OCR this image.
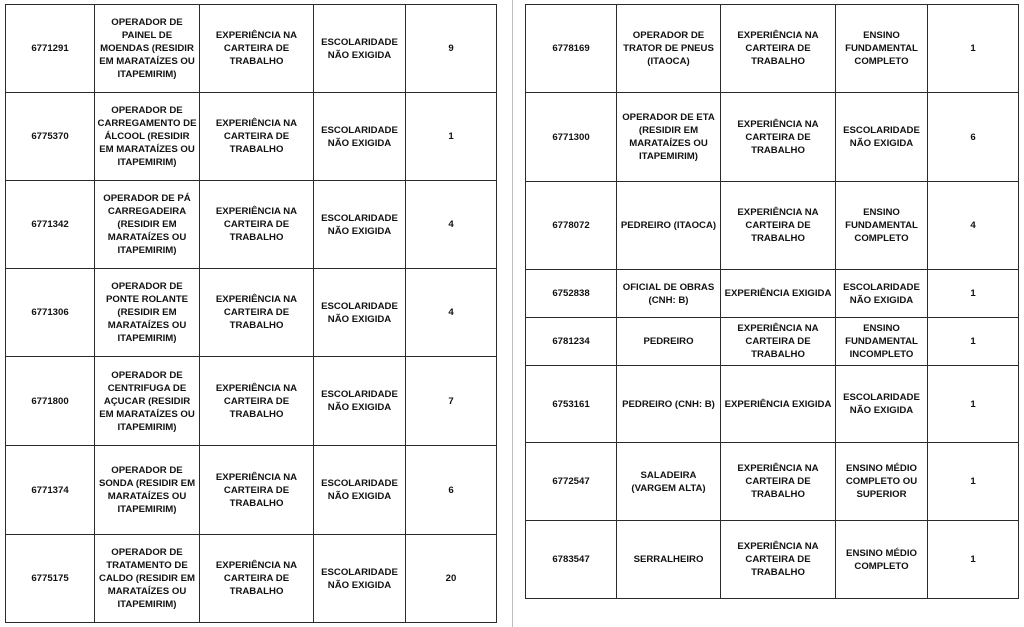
6771291	OPERADOR DE PAINEL DE MOENDAS (RESIDIR EM MARATAÍZES OU ITAPEMIRIM)	EXPERIÊNCIA NA CARTEIRA DE TRABALHO	ESCOLARIDADE NÃO EXIGIDA	9
6775370	OPERADOR DE CARREGAMENTO DE ÁLCOOL (RESIDIR EM MARATAÍZES OU ITAPEMIRIM)	EXPERIÊNCIA NA CARTEIRA DE TRABALHO	ESCOLARIDADE NÃO EXIGIDA	1
6771342	OPERADOR DE PÁ CARREGADEIRA (RESIDIR EM MARATAÍZES OU ITAPEMIRIM)	EXPERIÊNCIA NA CARTEIRA DE TRABALHO	ESCOLARIDADE NÃO EXIGIDA	4
6771306	OPERADOR DE PONTE ROLANTE (RESIDIR EM MARATAÍZES OU ITAPEMIRIM)	EXPERIÊNCIA NA CARTEIRA DE TRABALHO	ESCOLARIDADE NÃO EXIGIDA	4
6771800	OPERADOR DE CENTRIFUGA DE AÇUCAR (RESIDIR EM MARATAÍZES OU ITAPEMIRIM)	EXPERIÊNCIA NA CARTEIRA DE TRABALHO	ESCOLARIDADE NÃO EXIGIDA	7
6771374	OPERADOR DE SONDA (RESIDIR EM MARATAÍZES OU ITAPEMIRIM)	EXPERIÊNCIA NA CARTEIRA DE TRABALHO	ESCOLARIDADE NÃO EXIGIDA	6
6775175	OPERADOR DE TRATAMENTO DE CALDO (RESIDIR EM MARATAÍZES OU ITAPEMIRIM)	EXPERIÊNCIA NA CARTEIRA DE TRABALHO	ESCOLARIDADE NÃO EXIGIDA	20
6778169	OPERADOR DE TRATOR DE PNEUS (ITAOCA)	EXPERIÊNCIA NA CARTEIRA DE TRABALHO	ENSINO FUNDAMENTAL COMPLETO	1
6771300	OPERADOR DE ETA (RESIDIR EM MARATAÍZES OU ITAPEMIRIM)	EXPERIÊNCIA NA CARTEIRA DE TRABALHO	ESCOLARIDADE NÃO EXIGIDA	6
6778072	PEDREIRO (ITAOCA)	EXPERIÊNCIA NA CARTEIRA DE TRABALHO	ENSINO FUNDAMENTAL COMPLETO	4
6752838	OFICIAL DE OBRAS (CNH: B)	EXPERIÊNCIA EXIGIDA	ESCOLARIDADE NÃO EXIGIDA	1
6781234	PEDREIRO	EXPERIÊNCIA NA CARTEIRA DE TRABALHO	ENSINO FUNDAMENTAL INCOMPLETO	1
6753161	PEDREIRO (CNH: B)	EXPERIÊNCIA EXIGIDA	ESCOLARIDADE NÃO EXIGIDA	1
6772547	SALADEIRA (VARGEM ALTA)	EXPERIÊNCIA NA CARTEIRA DE TRABALHO	ENSINO MÉDIO COMPLETO OU SUPERIOR	1
6783547	SERRALHEIRO	EXPERIÊNCIA NA CARTEIRA DE TRABALHO	ENSINO MÉDIO COMPLETO	1
